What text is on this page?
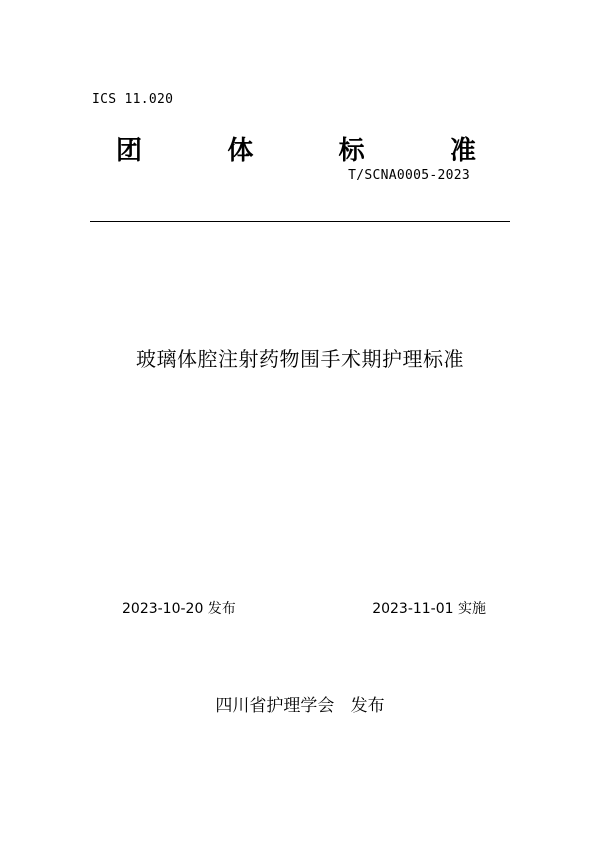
ICS 11.020
团	体	标	准
T/SCNA0005-2023
玻璃体腔注射药物围手术期护理标准
2023-10-20 发布	2023-11-01 实施
四川省护理学会   发布
